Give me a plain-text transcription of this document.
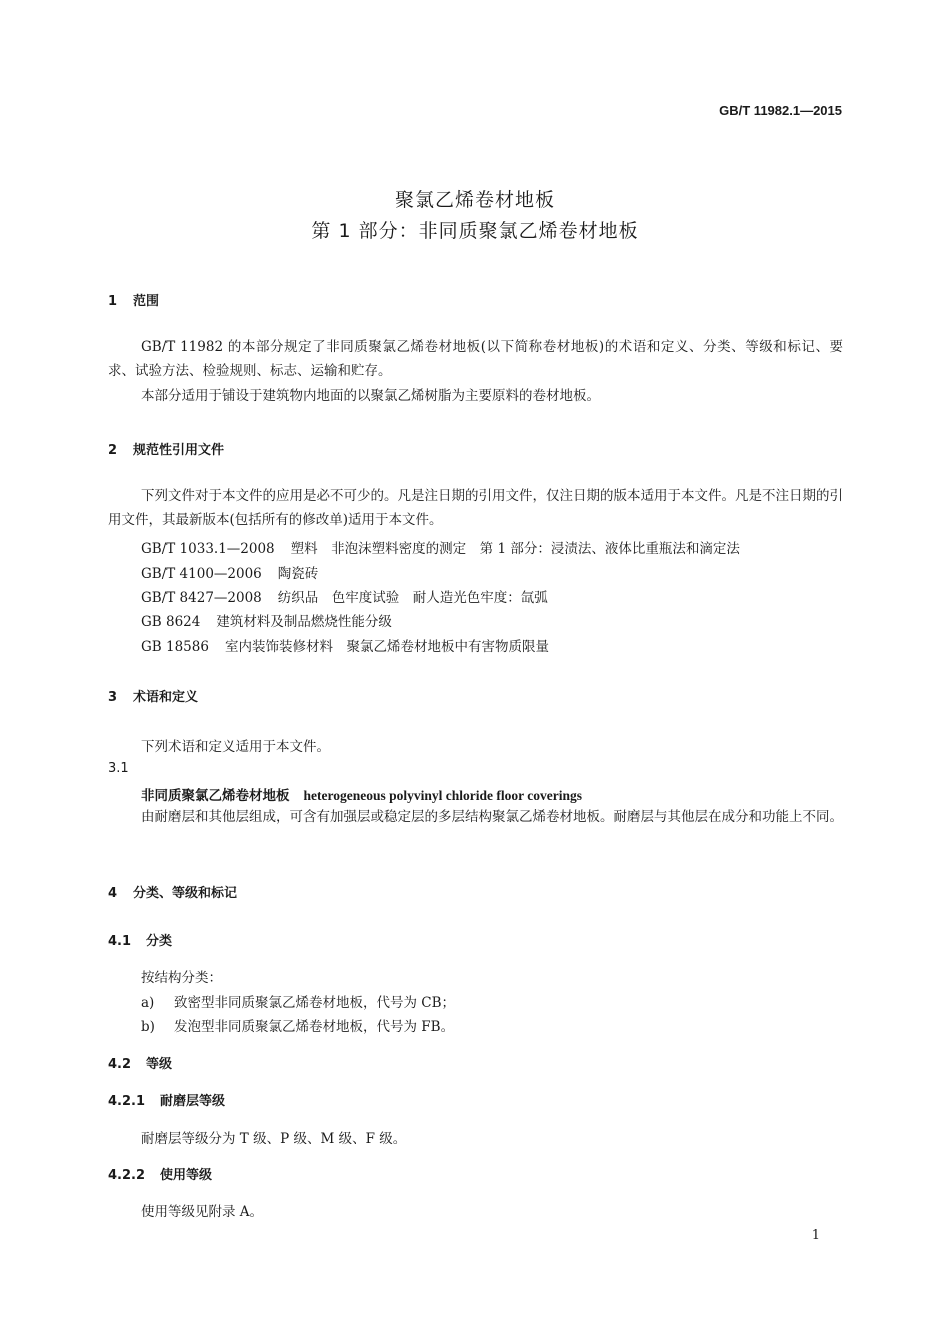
GB/T 11982.1—2015
聚氯乙烯卷材地板
第 1 部分：非同质聚氯乙烯卷材地板
1 范围
GB/T 11982 的本部分规定了非同质聚氯乙烯卷材地板(以下简称卷材地板)的术语和定义、分类、等级和标记、要求、试验方法、检验规则、标志、运输和贮存。
本部分适用于铺设于建筑物内地面的以聚氯乙烯树脂为主要原料的卷材地板。
2 规范性引用文件
下列文件对于本文件的应用是必不可少的。凡是注日期的引用文件，仅注日期的版本适用于本文件。凡是不注日期的引用文件，其最新版本(包括所有的修改单)适用于本文件。
GB/T 1033.1—2008 塑料　非泡沫塑料密度的测定　第 1 部分：浸渍法、液体比重瓶法和滴定法
GB/T 4100—2006 陶瓷砖
GB/T 8427—2008 纺织品　色牢度试验　耐人造光色牢度：氙弧
GB 8624 建筑材料及制品燃烧性能分级
GB 18586 室内装饰装修材料　聚氯乙烯卷材地板中有害物质限量
3 术语和定义
下列术语和定义适用于本文件。
3.1
非同质聚氯乙烯卷材地板 heterogeneous polyvinyl chloride floor coverings
由耐磨层和其他层组成，可含有加强层或稳定层的多层结构聚氯乙烯卷材地板。耐磨层与其他层在成分和功能上不同。
4 分类、等级和标记
4.1 分类
按结构分类：
a) 致密型非同质聚氯乙烯卷材地板，代号为 CB；
b) 发泡型非同质聚氯乙烯卷材地板，代号为 FB。
4.2 等级
4.2.1 耐磨层等级
耐磨层等级分为 T 级、P 级、M 级、F 级。
4.2.2 使用等级
使用等级见附录 A。
1
